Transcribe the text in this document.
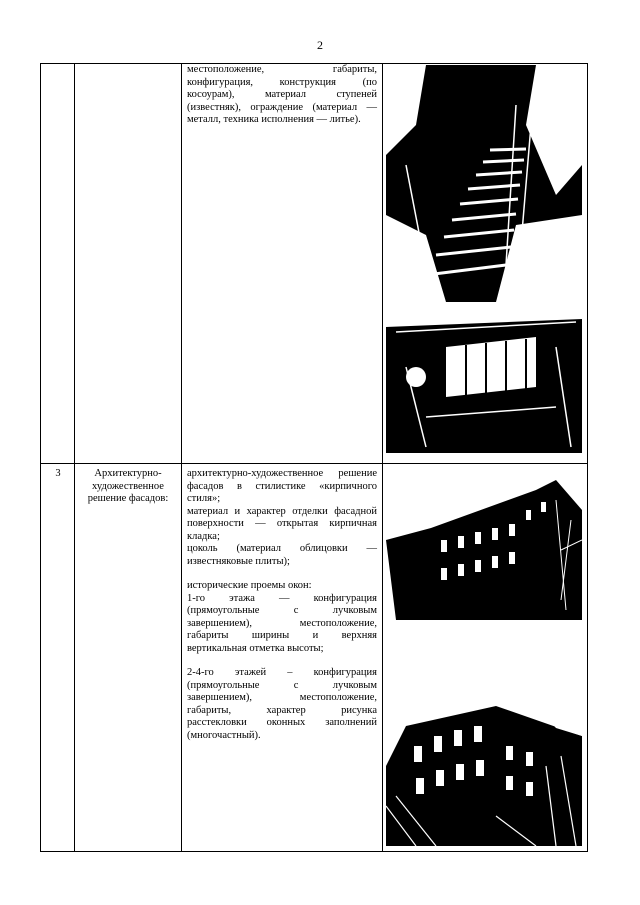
2

местоположение, габариты,

конфигурация, конструкция (по

косоурам), материал ступеней

(известняк), ограждение (материал —

металл, техника исполнения — литье).

3	Архитектурно-
художественное
решение фасадов:

архитектурно-художественное решение

фасадов в стилистике «кирпичного

стиля»;

материал и характер отделки фасадной

поверхности — открытая кирпичная

кладка;

цоколь (материал облицовки —

известняковые плиты);

исторические проемы окон:

1-го этажа — конфигурация

(прямоугольные с лучковым

завершением), местоположение,

габариты ширины и верхняя

вертикальная отметка высоты;

2-4-го этажей – конфигурация

(прямоугольные с лучковым

завершением), местоположение,

габариты, характер рисунка

расстекловки оконных заполнений

(многочастный).
